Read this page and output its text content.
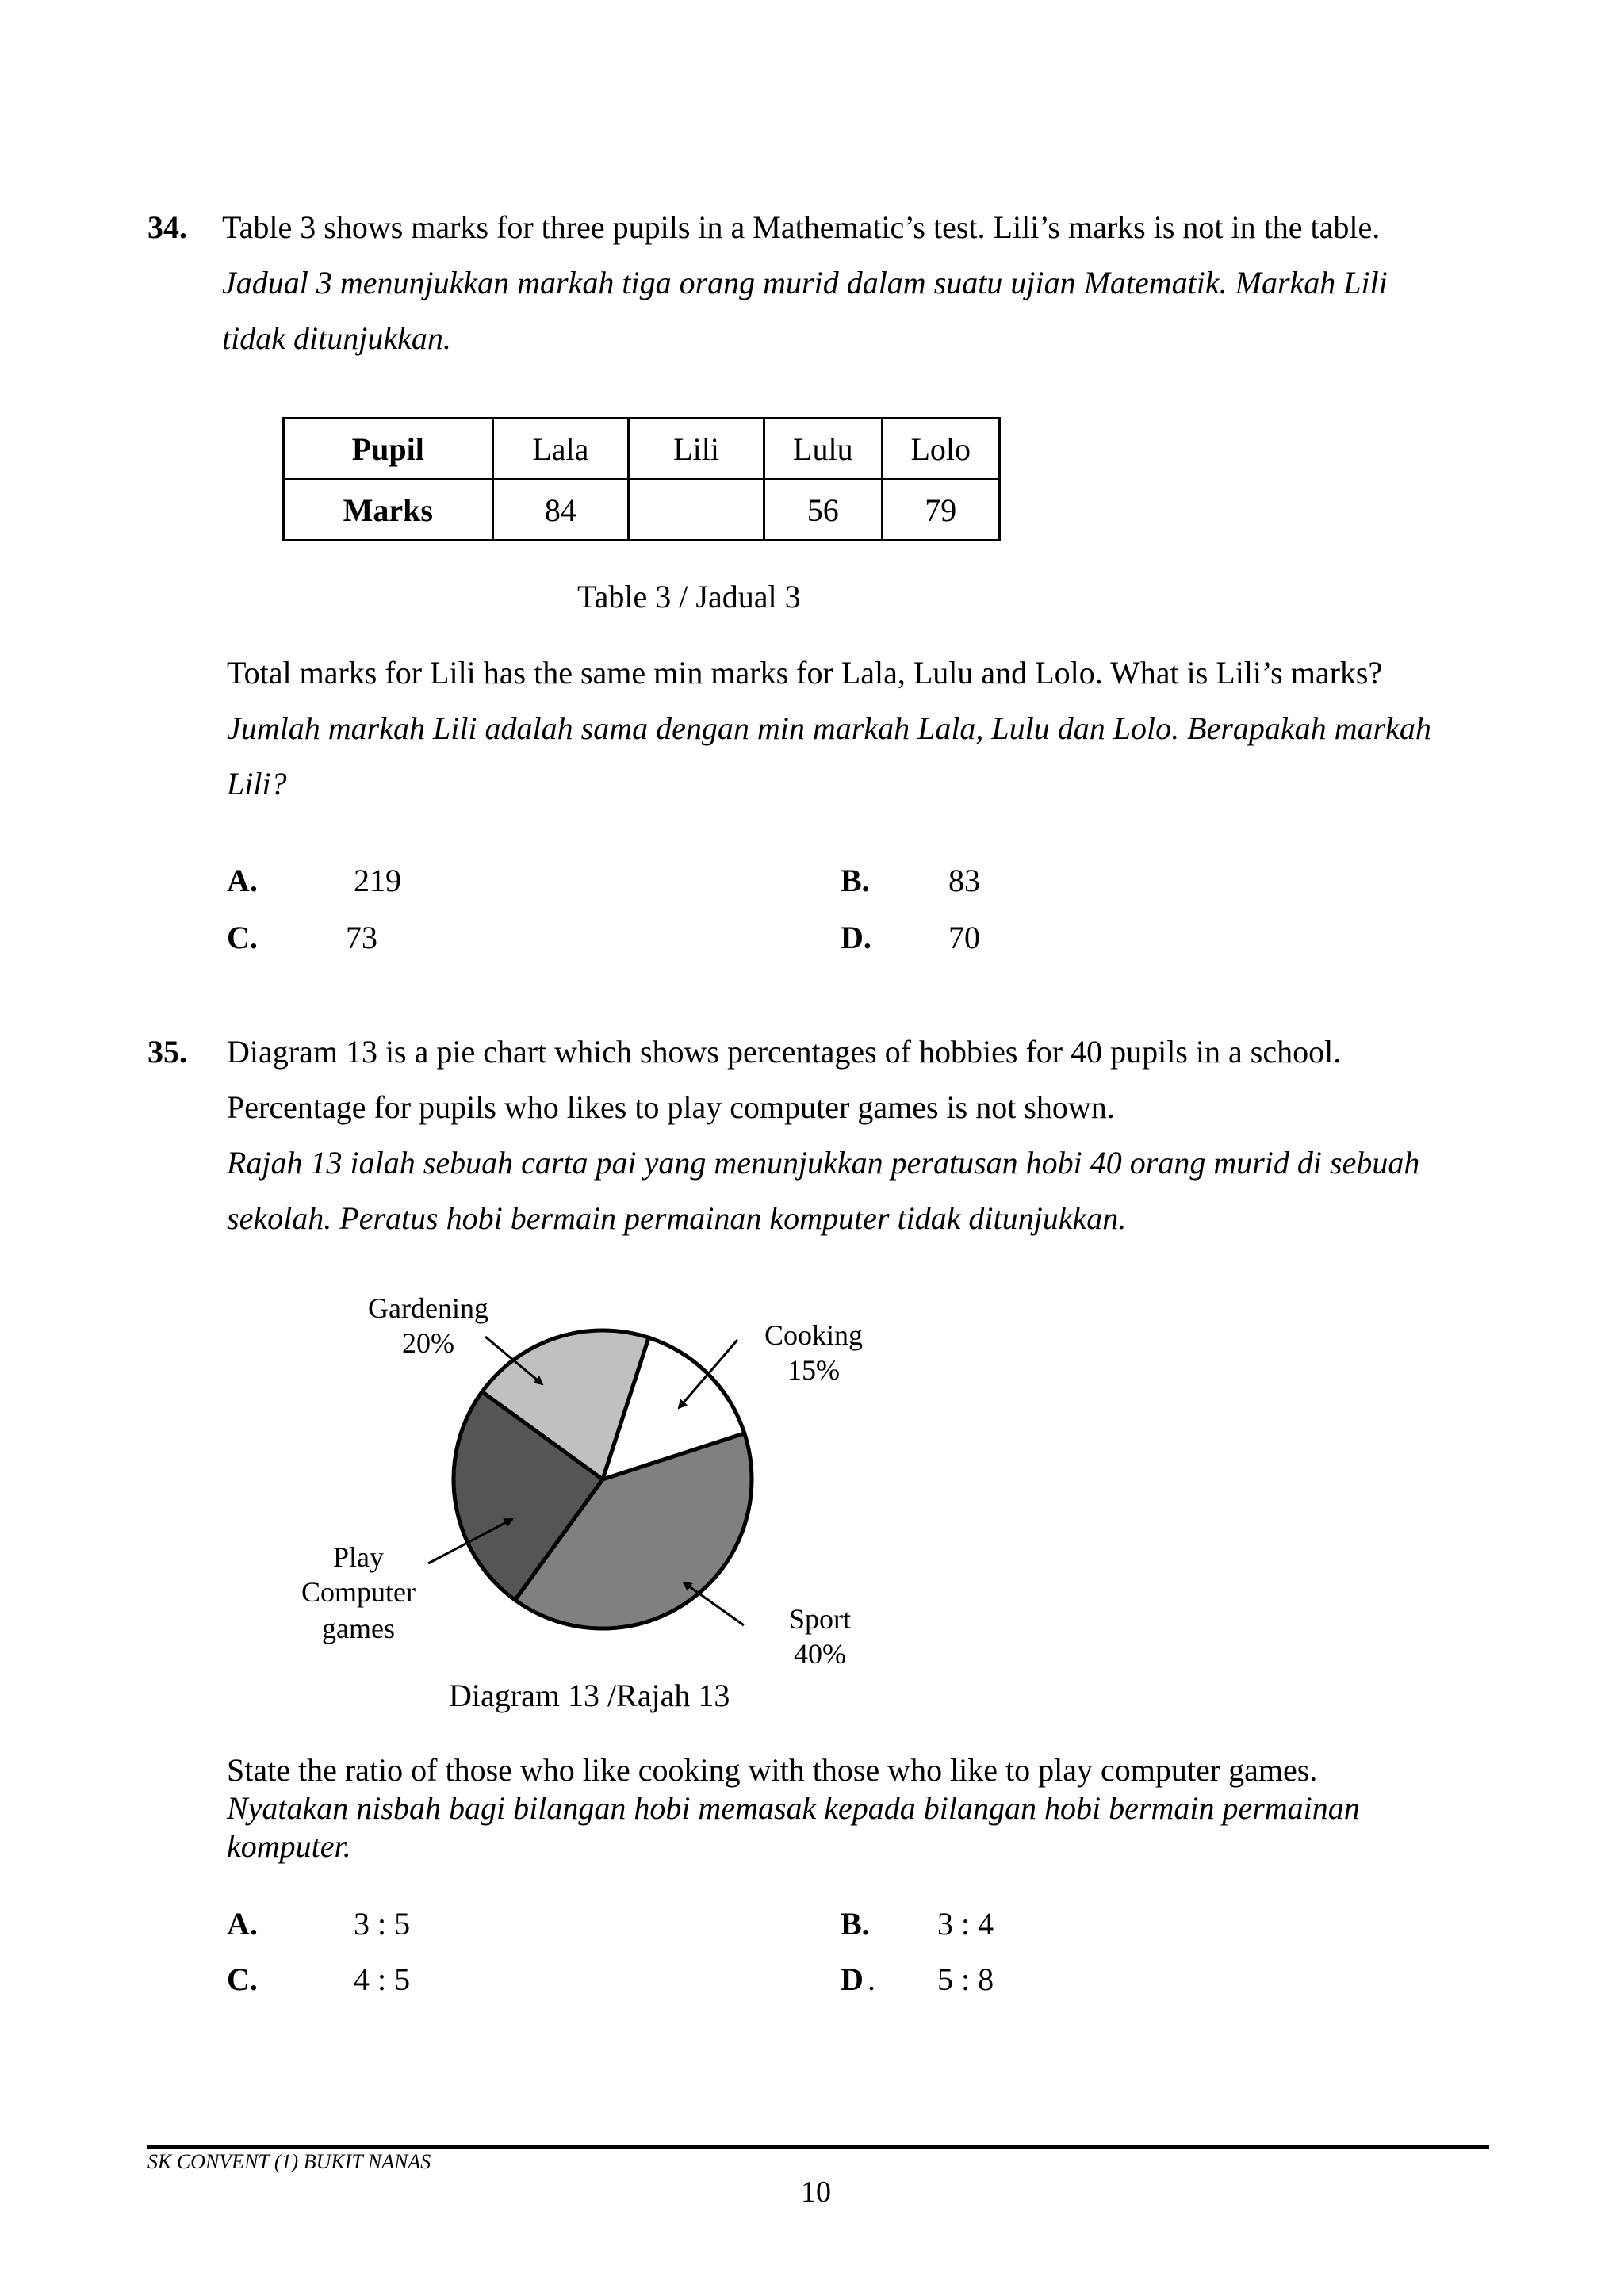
34. Table 3 shows marks for three pupils in a Mathematic’s test. Lili’s marks is not in the table.
Jadual 3 menunjukkan markah tiga orang murid dalam suatu ujian Matematik. Markah Lili
tidak ditunjukkan.
Pupil	Lala	Lili	Lulu	Lolo
Marks	84		56	79
Table 3 / Jadual 3
Total marks for Lili has the same min marks for Lala, Lulu and Lolo. What is Lili’s marks?
Jumlah markah Lili adalah sama dengan min markah Lala, Lulu dan Lolo. Berapakah markah
Lili?
A.	219	B. 83
C.	73	D. 70
35. Diagram 13 is a pie chart which shows percentages of hobbies for 40 pupils in a school.
Percentage for pupils who likes to play computer games is not shown.
Rajah 13 ialah sebuah carta pai yang menunjukkan peratusan hobi 40 orang murid di sebuah
sekolah. Peratus hobi bermain permainan komputer tidak ditunjukkan.
Gardening
20%	Cooking
15%
Sport
40%
Play
Computer
games
Diagram 13 /Rajah 13
State the ratio of those who like cooking with those who like to play computer games.
Nyatakan nisbah bagi bilangan hobi memasak kepada bilangan hobi bermain permainan
komputer.
A.	3 : 5	B. 3 : 4
C.	4 : 5	D . 5 : 8
SK CONVENT (1) BUKIT NANAS
10
